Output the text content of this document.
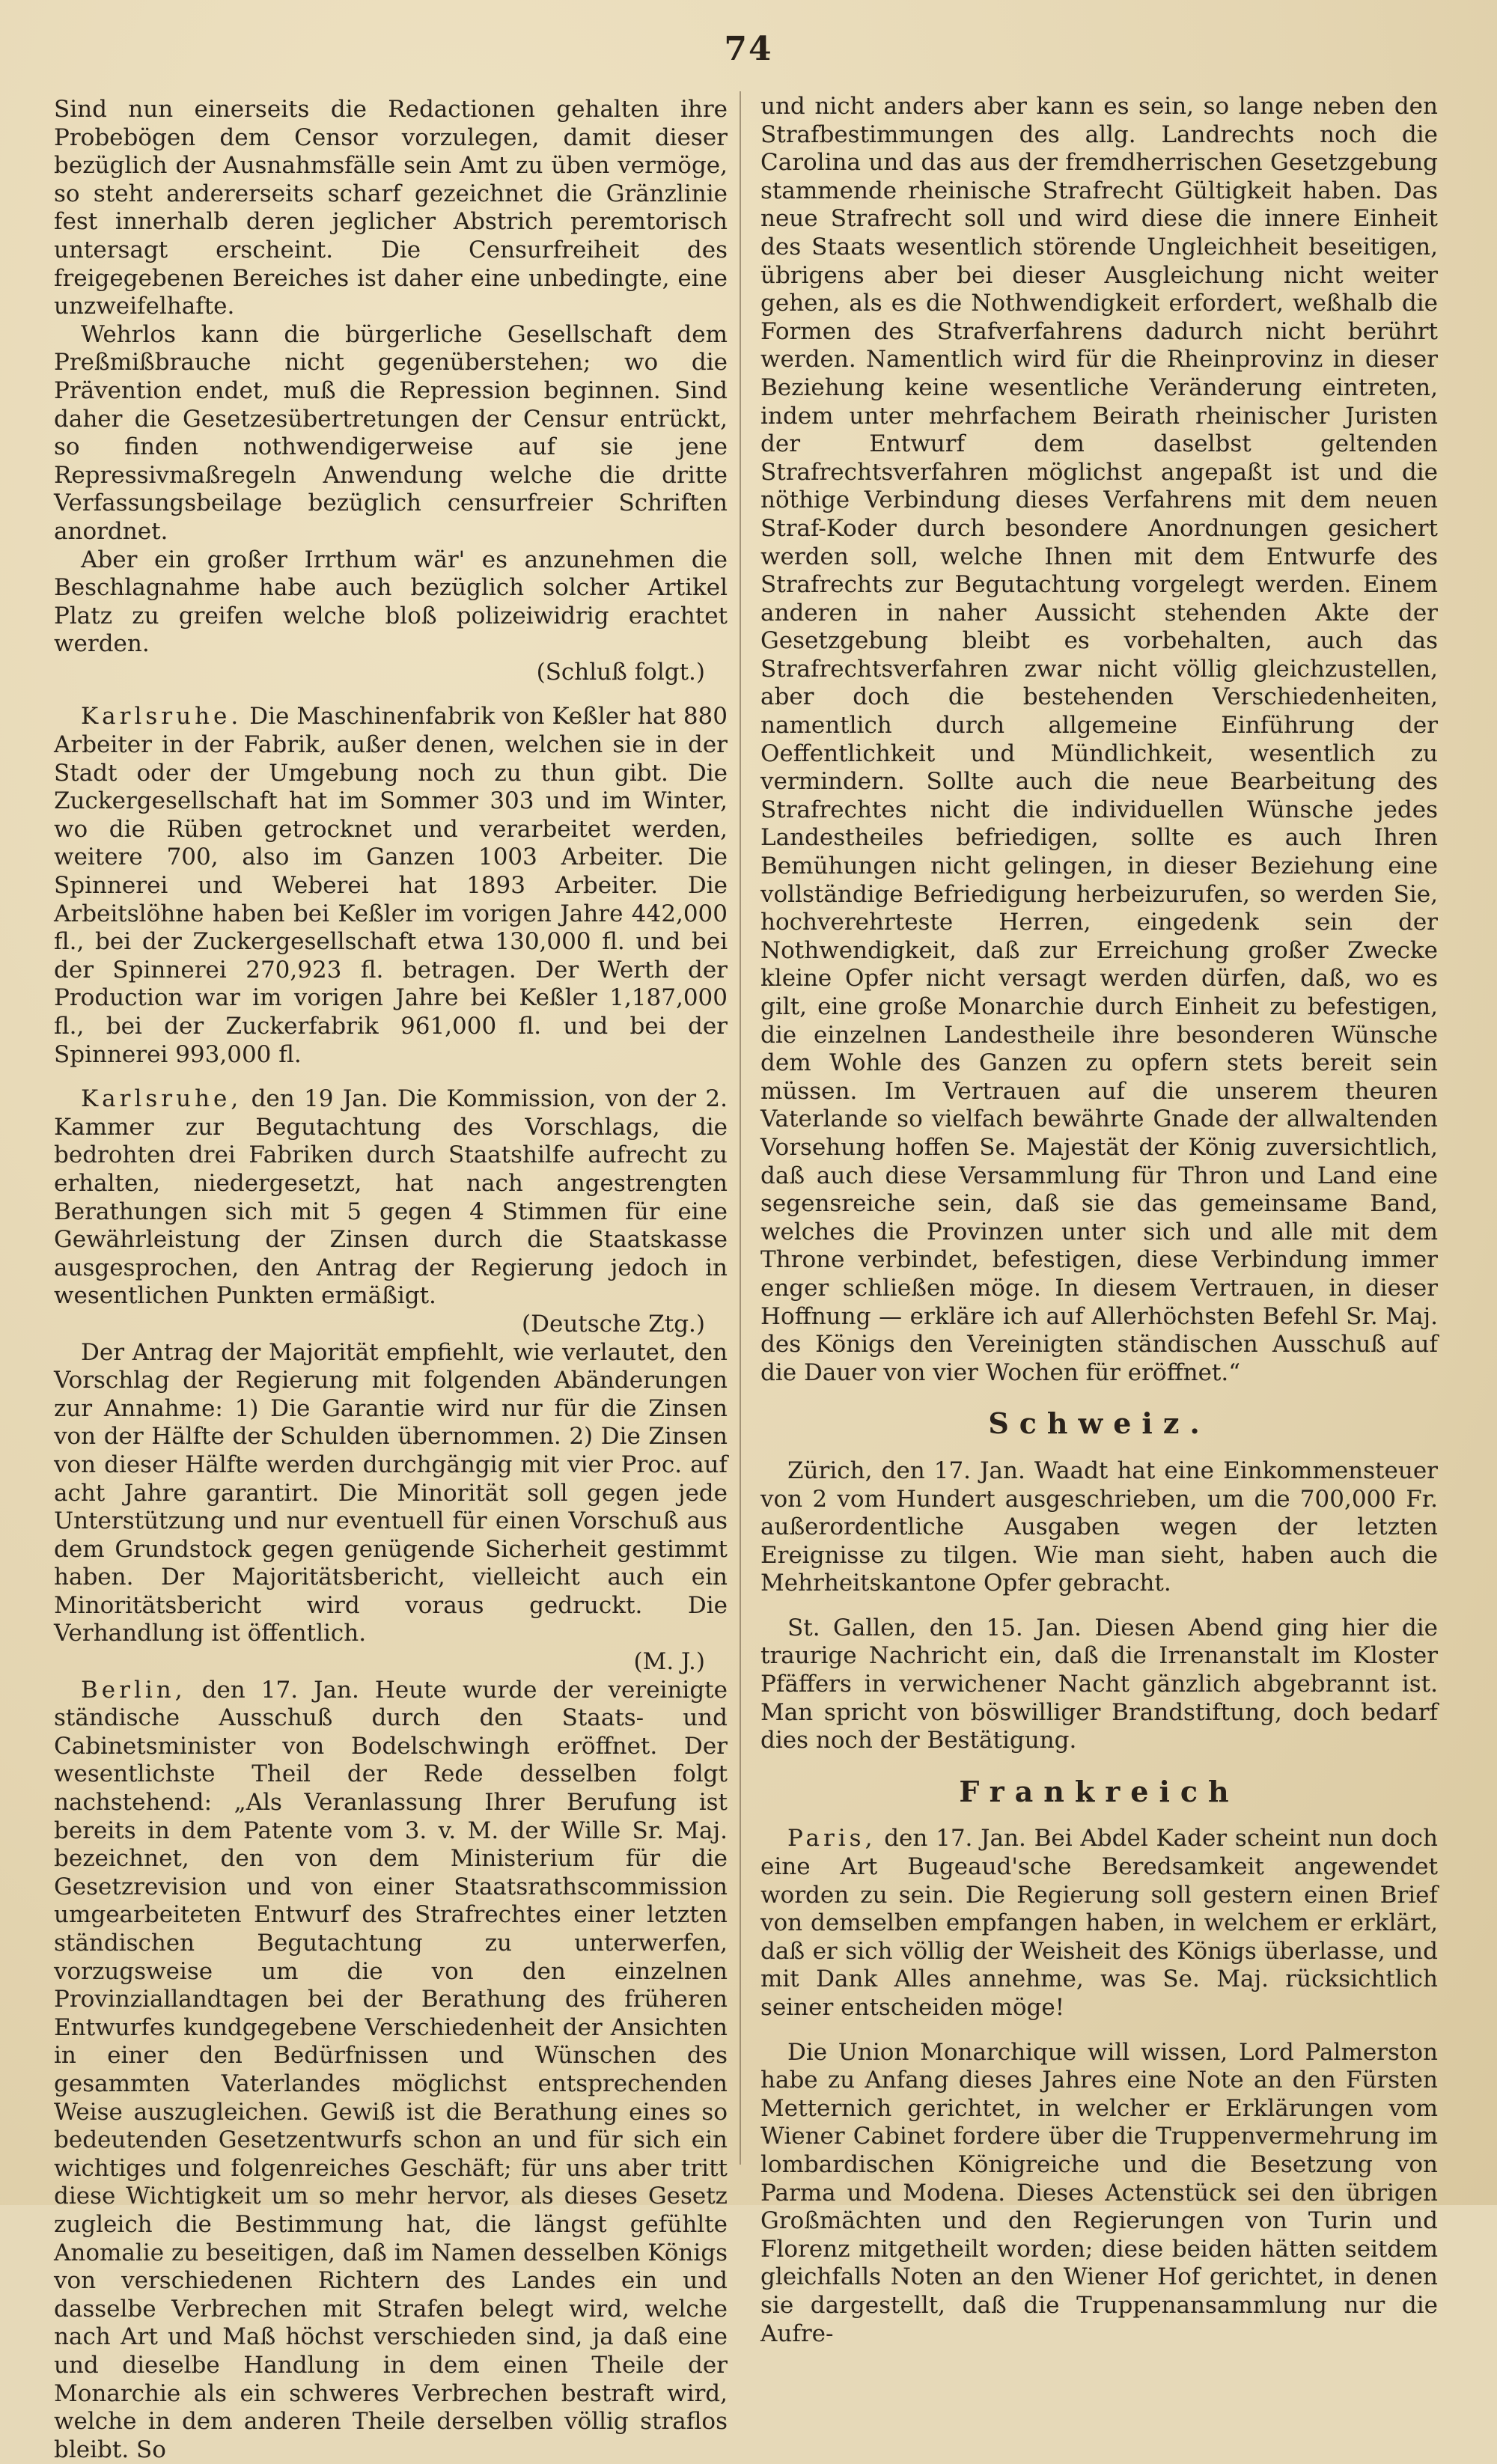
74

Sind nun einerseits die Redactionen gehalten ihre Probebögen dem Censor vorzulegen, damit dieser bezüglich der Ausnahmsfälle sein Amt zu üben vermöge, so steht andererseits scharf gezeichnet die Gränzlinie fest innerhalb deren jeglicher Abstrich peremtorisch untersagt erscheint. Die Censurfreiheit des freigegebenen Bereiches ist daher eine unbedingte, eine unzweifelhafte.

Wehrlos kann die bürgerliche Gesellschaft dem Preßmißbrauche nicht gegenüberstehen; wo die Prävention endet, muß die Repression beginnen. Sind daher die Gesetzesübertretungen der Censur entrückt, so finden nothwendigerweise auf sie jene Repressivmaßregeln Anwendung welche die dritte Verfassungsbeilage bezüglich censurfreier Schriften anordnet.

Aber ein großer Irrthum wär' es anzunehmen die Beschlagnahme habe auch bezüglich solcher Artikel Platz zu greifen welche bloß polizeiwidrig erachtet werden.
(Schluß folgt.)

Karlsruhe. Die Maschinenfabrik von Keßler hat 880 Arbeiter in der Fabrik, außer denen, welchen sie in der Stadt oder der Umgebung noch zu thun gibt. Die Zuckergesellschaft hat im Sommer 303 und im Winter, wo die Rüben getrocknet und verarbeitet werden, weitere 700, also im Ganzen 1003 Arbeiter. Die Spinnerei und Weberei hat 1893 Arbeiter. Die Arbeitslöhne haben bei Keßler im vorigen Jahre 442,000 fl., bei der Zuckergesellschaft etwa 130,000 fl. und bei der Spinnerei 270,923 fl. betragen. Der Werth der Production war im vorigen Jahre bei Keßler 1,187,000 fl., bei der Zuckerfabrik 961,000 fl. und bei der Spinnerei 993,000 fl.

Karlsruhe, den 19 Jan. Die Kommission, von der 2. Kammer zur Begutachtung des Vorschlags, die bedrohten drei Fabriken durch Staatshilfe aufrecht zu erhalten, niedergesetzt, hat nach angestrengten Berathungen sich mit 5 gegen 4 Stimmen für eine Gewährleistung der Zinsen durch die Staatskasse ausgesprochen, den Antrag der Regierung jedoch in wesentlichen Punkten ermäßigt.
(Deutsche Ztg.)

Der Antrag der Majorität empfiehlt, wie verlautet, den Vorschlag der Regierung mit folgenden Abänderungen zur Annahme: 1) Die Garantie wird nur für die Zinsen von der Hälfte der Schulden übernommen. 2) Die Zinsen von dieser Hälfte werden durchgängig mit vier Proc. auf acht Jahre garantirt. Die Minorität soll gegen jede Unterstützung und nur eventuell für einen Vorschuß aus dem Grundstock gegen genügende Sicherheit gestimmt haben. Der Majoritätsbericht, vielleicht auch ein Minoritätsbericht wird voraus gedruckt. Die Verhandlung ist öffentlich.
(M. J.)

Berlin, den 17. Jan. Heute wurde der vereinigte ständische Ausschuß durch den Staats- und Cabinetsminister von Bodelschwingh eröffnet. Der wesentlichste Theil der Rede desselben folgt nachstehend: „Als Veranlassung Ihrer Berufung ist bereits in dem Patente vom 3. v. M. der Wille Sr. Maj. bezeichnet, den von dem Ministerium für die Gesetzrevision und von einer Staatsrathscommission umgearbeiteten Entwurf des Strafrechtes einer letzten ständischen Begutachtung zu unterwerfen, vorzugsweise um die von den einzelnen Provinziallandtagen bei der Berathung des früheren Entwurfes kundgegebene Verschiedenheit der Ansichten in einer den Bedürfnissen und Wünschen des gesammten Vaterlandes möglichst entsprechenden Weise auszugleichen. Gewiß ist die Berathung eines so bedeutenden Gesetzentwurfs schon an und für sich ein wichtiges und folgenreiches Geschäft; für uns aber tritt diese Wichtigkeit um so mehr hervor, als dieses Gesetz zugleich die Bestimmung hat, die längst gefühlte Anomalie zu beseitigen, daß im Namen desselben Königs von verschiedenen Richtern des Landes ein und dasselbe Verbrechen mit Strafen belegt wird, welche nach Art und Maß höchst verschieden sind, ja daß eine und dieselbe Handlung in dem einen Theile der Monarchie als ein schweres Verbrechen bestraft wird, welche in dem anderen Theile derselben völlig straflos bleibt. So

und nicht anders aber kann es sein, so lange neben den Strafbestimmungen des allg. Landrechts noch die Carolina und das aus der fremdherrischen Gesetzgebung stammende rheinische Strafrecht Gültigkeit haben. Das neue Strafrecht soll und wird diese die innere Einheit des Staats wesentlich störende Ungleichheit beseitigen, übrigens aber bei dieser Ausgleichung nicht weiter gehen, als es die Nothwendigkeit erfordert, weßhalb die Formen des Strafverfahrens dadurch nicht berührt werden. Namentlich wird für die Rheinprovinz in dieser Beziehung keine wesentliche Veränderung eintreten, indem unter mehrfachem Beirath rheinischer Juristen der Entwurf dem daselbst geltenden Strafrechtsverfahren möglichst angepaßt ist und die nöthige Verbindung dieses Verfahrens mit dem neuen Straf-Koder durch besondere Anordnungen gesichert werden soll, welche Ihnen mit dem Entwurfe des Strafrechts zur Begutachtung vorgelegt werden. Einem anderen in naher Aussicht stehenden Akte der Gesetzgebung bleibt es vorbehalten, auch das Strafrechtsverfahren zwar nicht völlig gleichzustellen, aber doch die bestehenden Verschiedenheiten, namentlich durch allgemeine Einführung der Oeffentlichkeit und Mündlichkeit, wesentlich zu vermindern. Sollte auch die neue Bearbeitung des Strafrechtes nicht die individuellen Wünsche jedes Landestheiles befriedigen, sollte es auch Ihren Bemühungen nicht gelingen, in dieser Beziehung eine vollständige Befriedigung herbeizurufen, so werden Sie, hochverehrteste Herren, eingedenk sein der Nothwendigkeit, daß zur Erreichung großer Zwecke kleine Opfer nicht versagt werden dürfen, daß, wo es gilt, eine große Monarchie durch Einheit zu befestigen, die einzelnen Landestheile ihre besonderen Wünsche dem Wohle des Ganzen zu opfern stets bereit sein müssen. Im Vertrauen auf die unserem theuren Vaterlande so vielfach bewährte Gnade der allwaltenden Vorsehung hoffen Se. Majestät der König zuversichtlich, daß auch diese Versammlung für Thron und Land eine segensreiche sein, daß sie das gemeinsame Band, welches die Provinzen unter sich und alle mit dem Throne verbindet, befestigen, diese Verbindung immer enger schließen möge. In diesem Vertrauen, in dieser Hoffnung — erkläre ich auf Allerhöchsten Befehl Sr. Maj. des Königs den Vereinigten ständischen Ausschuß auf die Dauer von vier Wochen für eröffnet.“

Schweiz.

Zürich, den 17. Jan. Waadt hat eine Einkommensteuer von 2 vom Hundert ausgeschrieben, um die 700,000 Fr. außerordentliche Ausgaben wegen der letzten Ereignisse zu tilgen. Wie man sieht, haben auch die Mehrheitskantone Opfer gebracht.

St. Gallen, den 15. Jan. Diesen Abend ging hier die traurige Nachricht ein, daß die Irrenanstalt im Kloster Pfäffers in verwichener Nacht gänzlich abgebrannt ist. Man spricht von böswilliger Brandstiftung, doch bedarf dies noch der Bestätigung.

Frankreich

Paris, den 17. Jan. Bei Abdel Kader scheint nun doch eine Art Bugeaud'sche Beredsamkeit angewendet worden zu sein. Die Regierung soll gestern einen Brief von demselben empfangen haben, in welchem er erklärt, daß er sich völlig der Weisheit des Königs überlasse, und mit Dank Alles annehme, was Se. Maj. rücksichtlich seiner entscheiden möge!

Die Union Monarchique will wissen, Lord Palmerston habe zu Anfang dieses Jahres eine Note an den Fürsten Metternich gerichtet, in welcher er Erklärungen vom Wiener Cabinet fordere über die Truppenvermehrung im lombardischen Königreiche und die Besetzung von Parma und Modena. Dieses Actenstück sei den übrigen Großmächten und den Regierungen von Turin und Florenz mitgetheilt worden; diese beiden hätten seitdem gleichfalls Noten an den Wiener Hof gerichtet, in denen sie dargestellt, daß die Truppenansammlung nur die Aufre-
